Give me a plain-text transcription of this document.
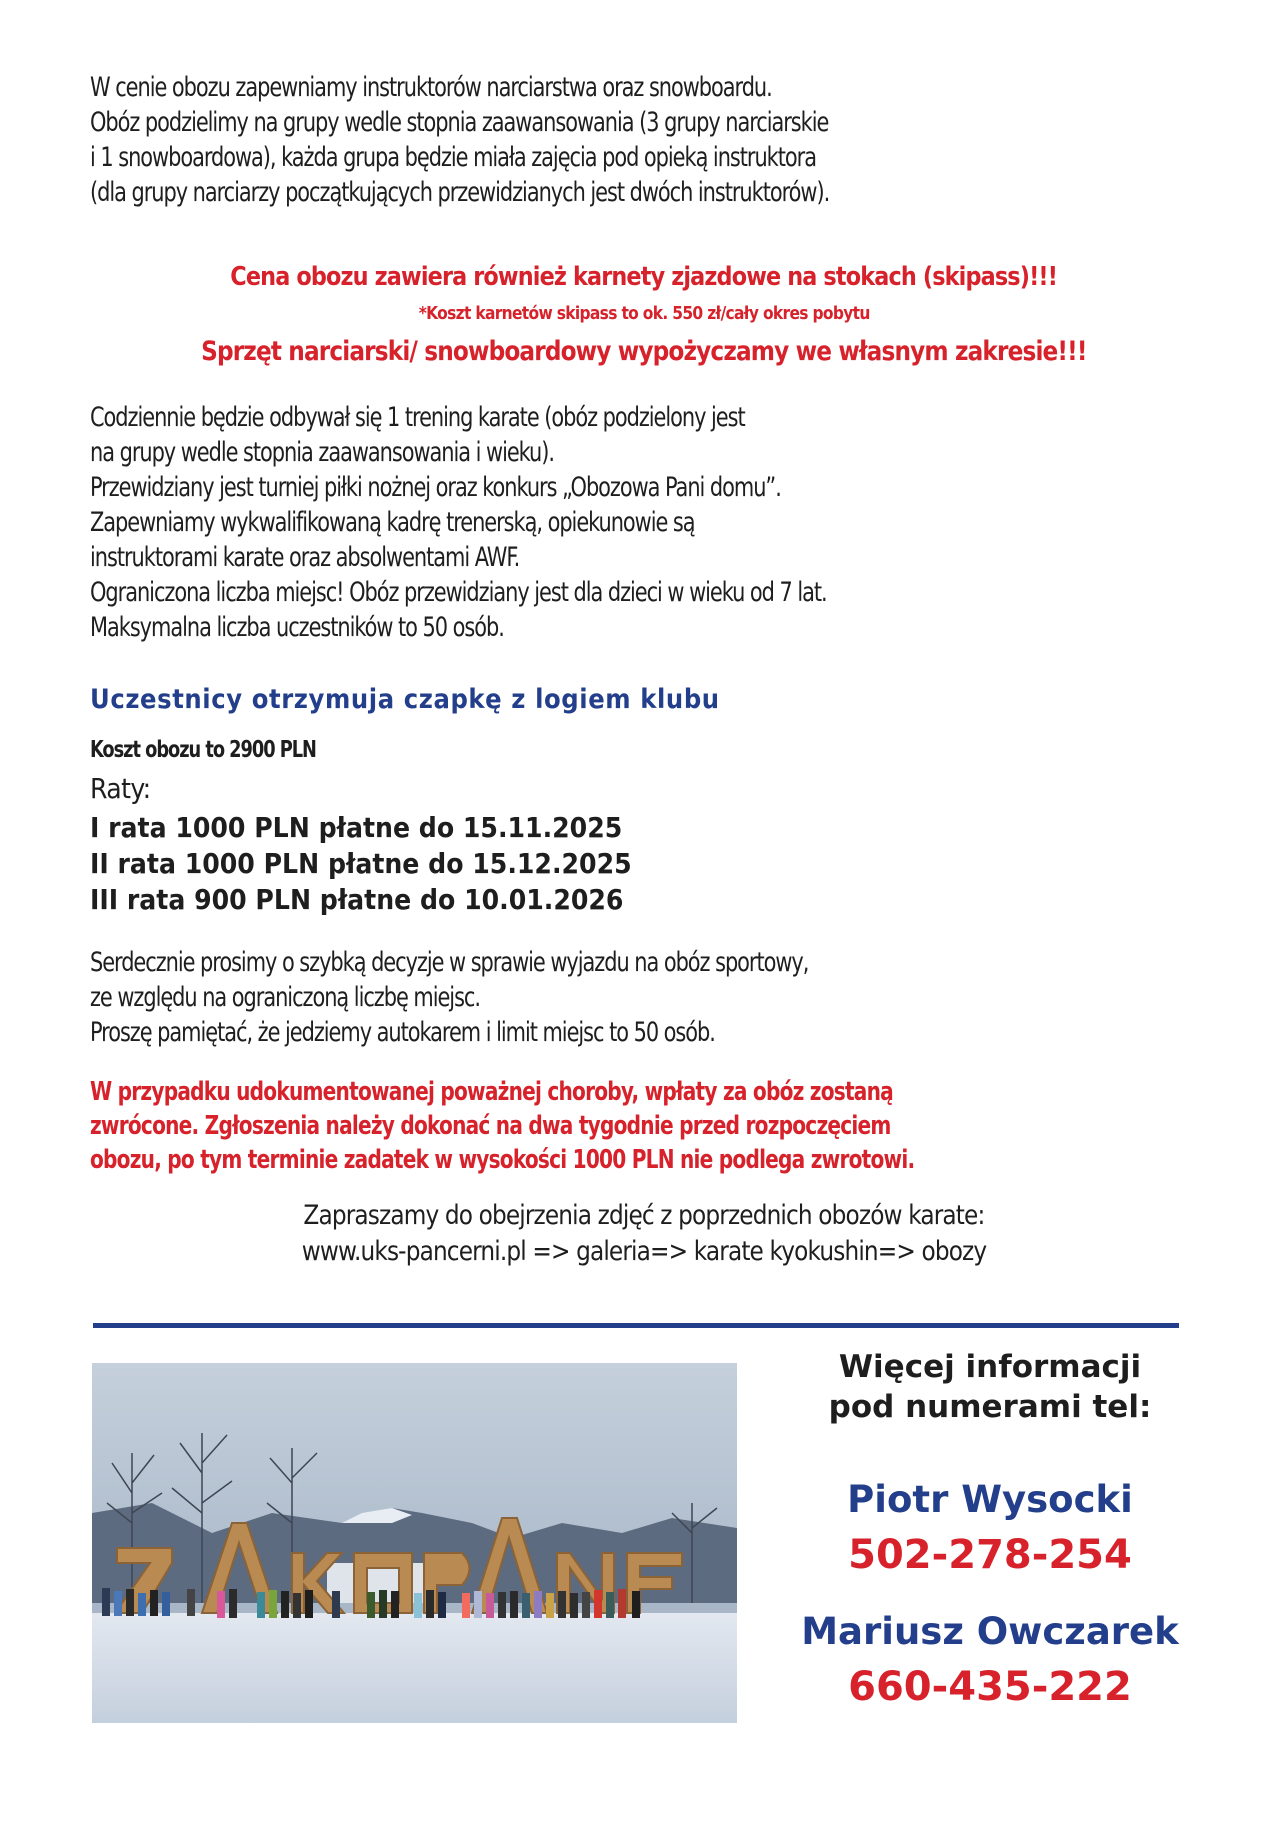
W cenie obozu zapewniamy instruktorów narciarstwa oraz snowboardu.
Obóz podzielimy na grupy wedle stopnia zaawansowania (3 grupy narciarskie
i 1 snowboardowa), każda grupa będzie miała zajęcia pod opieką instruktora
(dla grupy narciarzy początkujących przewidzianych jest dwóch instruktorów).
Cena obozu zawiera również karnety zjazdowe na stokach (skipass)!!!
*Koszt karnetów skipass to ok. 550 zł/cały okres pobytu
Sprzęt narciarski/ snowboardowy wypożyczamy we własnym zakresie!!!
Codziennie będzie odbywał się 1 trening karate (obóz podzielony jest
na grupy wedle stopnia zaawansowania i wieku).
Przewidziany jest turniej piłki nożnej oraz konkurs „Obozowa Pani domu”.
Zapewniamy wykwalifikowaną kadrę trenerską, opiekunowie są
instruktorami karate oraz absolwentami AWF.
Ograniczona liczba miejsc! Obóz przewidziany jest dla dzieci w wieku od 7 lat.
Maksymalna liczba uczestników to 50 osób.
Uczestnicy otrzymuja czapkę z logiem klubu
Koszt obozu to 2900 PLN
Raty:
I rata 1000 PLN płatne do 15.11.2025
II rata 1000 PLN płatne do 15.12.2025
III rata 900 PLN płatne do 10.01.2026
Serdecznie prosimy o szybką decyzje w sprawie wyjazdu na obóz sportowy,
ze względu na ograniczoną liczbę miejsc.
Proszę pamiętać, że jedziemy autokarem i limit miejsc to 50 osób.
W przypadku udokumentowanej poważnej choroby, wpłaty za obóz zostaną
zwrócone. Zgłoszenia należy dokonać na dwa tygodnie przed rozpoczęciem
obozu, po tym terminie zadatek w wysokości 1000 PLN nie podlega zwrotowi.
Zapraszamy do obejrzenia zdjęć z poprzednich obozów karate:
www.uks-pancerni.pl => galeria=> karate kyokushin=> obozy
Więcej informacji
pod numerami tel:
Piotr Wysocki
502-278-254
Mariusz Owczarek
660-435-222
